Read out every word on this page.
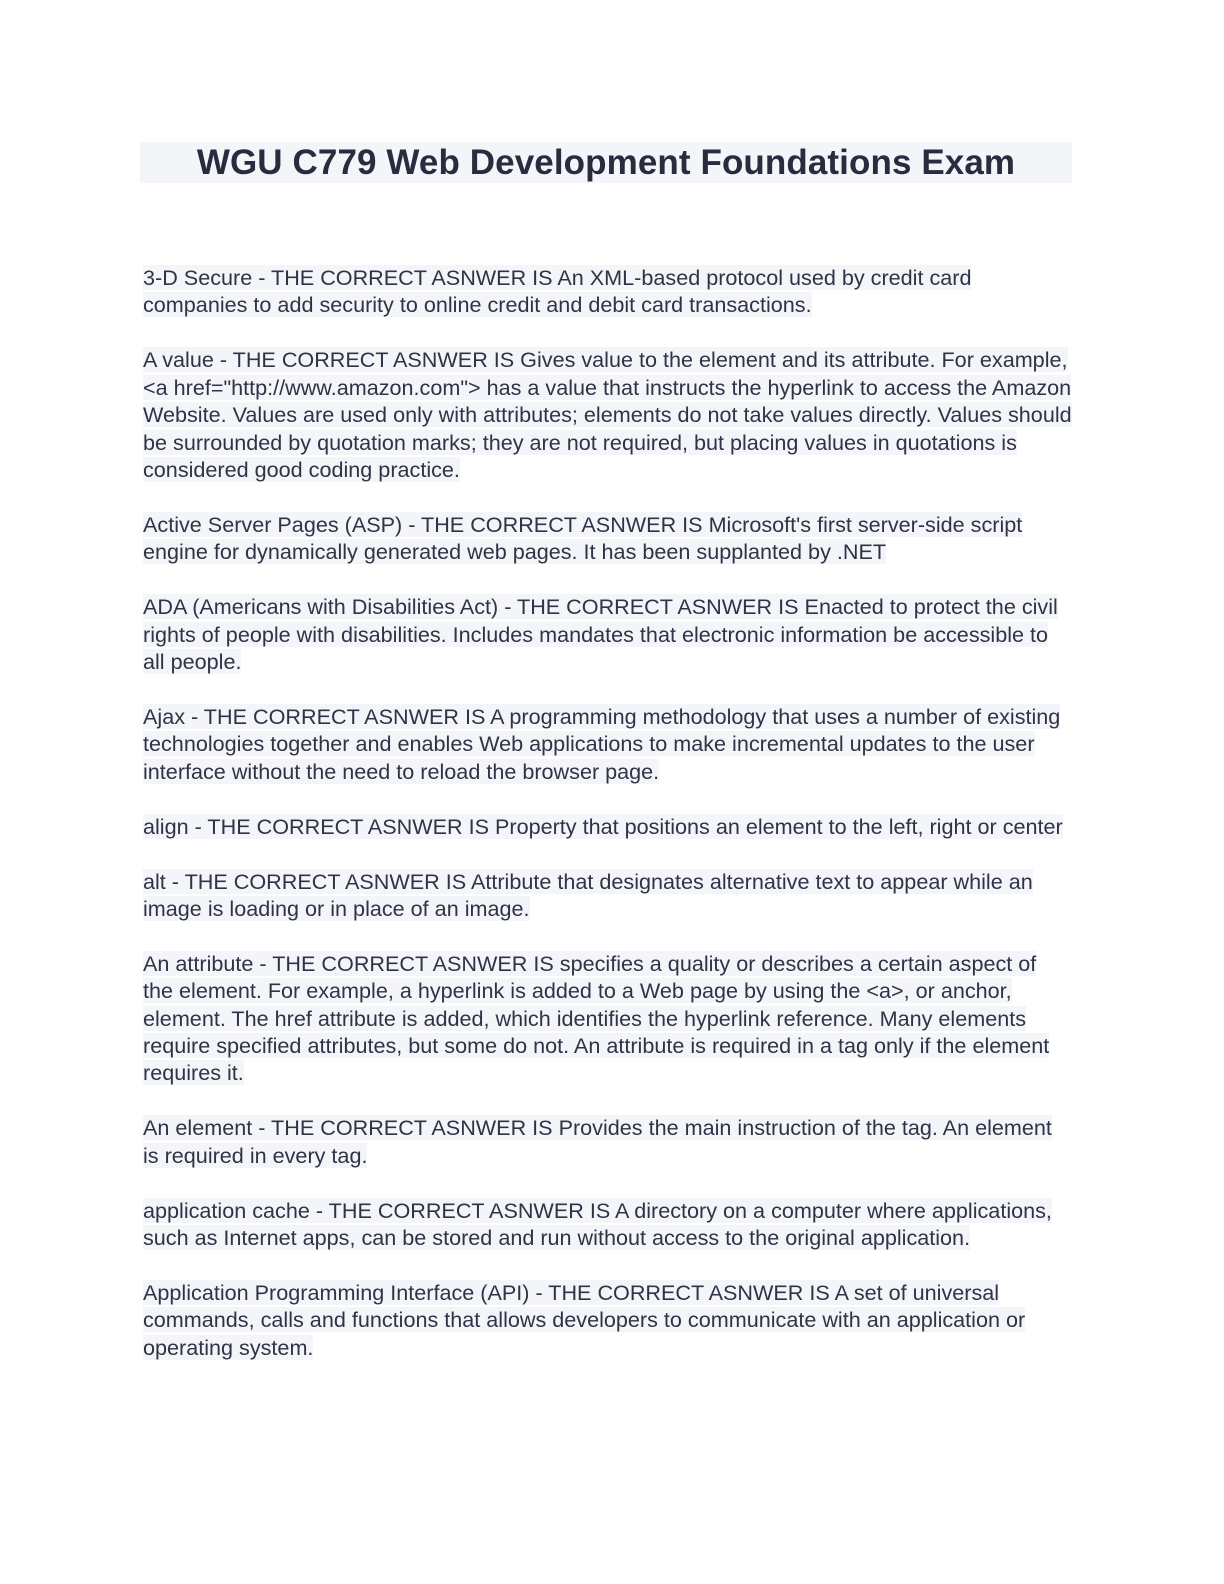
WGU C779 Web Development Foundations Exam

3-D Secure - THE CORRECT ASNWER IS An XML-based protocol used by credit card companies to add security to online credit and debit card transactions.

A value - THE CORRECT ASNWER IS Gives value to the element and its attribute. For example, <a href="http://www.amazon.com"> has a value that instructs the hyperlink to access the Amazon Website. Values are used only with attributes; elements do not take values directly. Values should be surrounded by quotation marks; they are not required, but placing values in quotations is considered good coding practice.

Active Server Pages (ASP) - THE CORRECT ASNWER IS Microsoft's first server-side script engine for dynamically generated web pages. It has been supplanted by .NET

ADA (Americans with Disabilities Act) - THE CORRECT ASNWER IS Enacted to protect the civil rights of people with disabilities. Includes mandates that electronic information be accessible to all people.

Ajax - THE CORRECT ASNWER IS A programming methodology that uses a number of existing technologies together and enables Web applications to make incremental updates to the user interface without the need to reload the browser page.

align - THE CORRECT ASNWER IS Property that positions an element to the left, right or center

alt - THE CORRECT ASNWER IS Attribute that designates alternative text to appear while an image is loading or in place of an image.

An attribute - THE CORRECT ASNWER IS specifies a quality or describes a certain aspect of the element. For example, a hyperlink is added to a Web page by using the <a>, or anchor, element. The href attribute is added, which identifies the hyperlink reference. Many elements require specified attributes, but some do not. An attribute is required in a tag only if the element requires it.

An element - THE CORRECT ASNWER IS Provides the main instruction of the tag. An element is required in every tag.

application cache - THE CORRECT ASNWER IS A directory on a computer where applications, such as Internet apps, can be stored and run without access to the original application.

Application Programming Interface (API) - THE CORRECT ASNWER IS A set of universal commands, calls and functions that allows developers to communicate with an application or operating system.
